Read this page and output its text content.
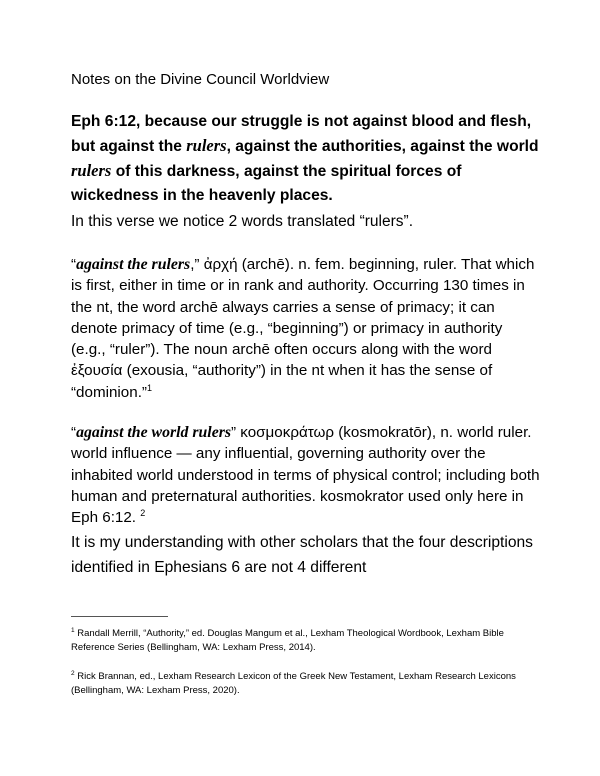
Notes on the Divine Council Worldview
Eph 6:12, because our struggle is not against blood and flesh, but against the rulers, against the authorities, against the world rulers of this darkness, against the spiritual forces of wickedness in the heavenly places.
In this verse we notice 2 words translated “rulers”.
“against the rulers,” ἀρχή (archē). n. fem. beginning, ruler. That which is first, either in time or in rank and authority. Occurring 130 times in the nt, the word archē always carries a sense of primacy; it can denote primacy of time (e.g., “beginning”) or primacy in authority (e.g., “ruler”). The noun archē often occurs along with the word ἐξουσία (exousia, “authority”) in the nt when it has the sense of “dominion.”$^1$
“against the world rulers” κοσμοκράτωρ (kosmokratōr), n. world ruler. world influence — any influential, governing authority over the inhabited world understood in terms of physical control; including both human and preternatural authorities. kosmokrator used only here in Eph 6:12. $^2$
It is my understanding with other scholars that the four descriptions identified in Ephesians 6 are not 4 different
$^1$ Randall Merrill, “Authority,” ed. Douglas Mangum et al., Lexham Theological Wordbook, Lexham Bible Reference Series (Bellingham, WA: Lexham Press, 2014).
$^2$ Rick Brannan, ed., Lexham Research Lexicon of the Greek New Testament, Lexham Research Lexicons (Bellingham, WA: Lexham Press, 2020).
